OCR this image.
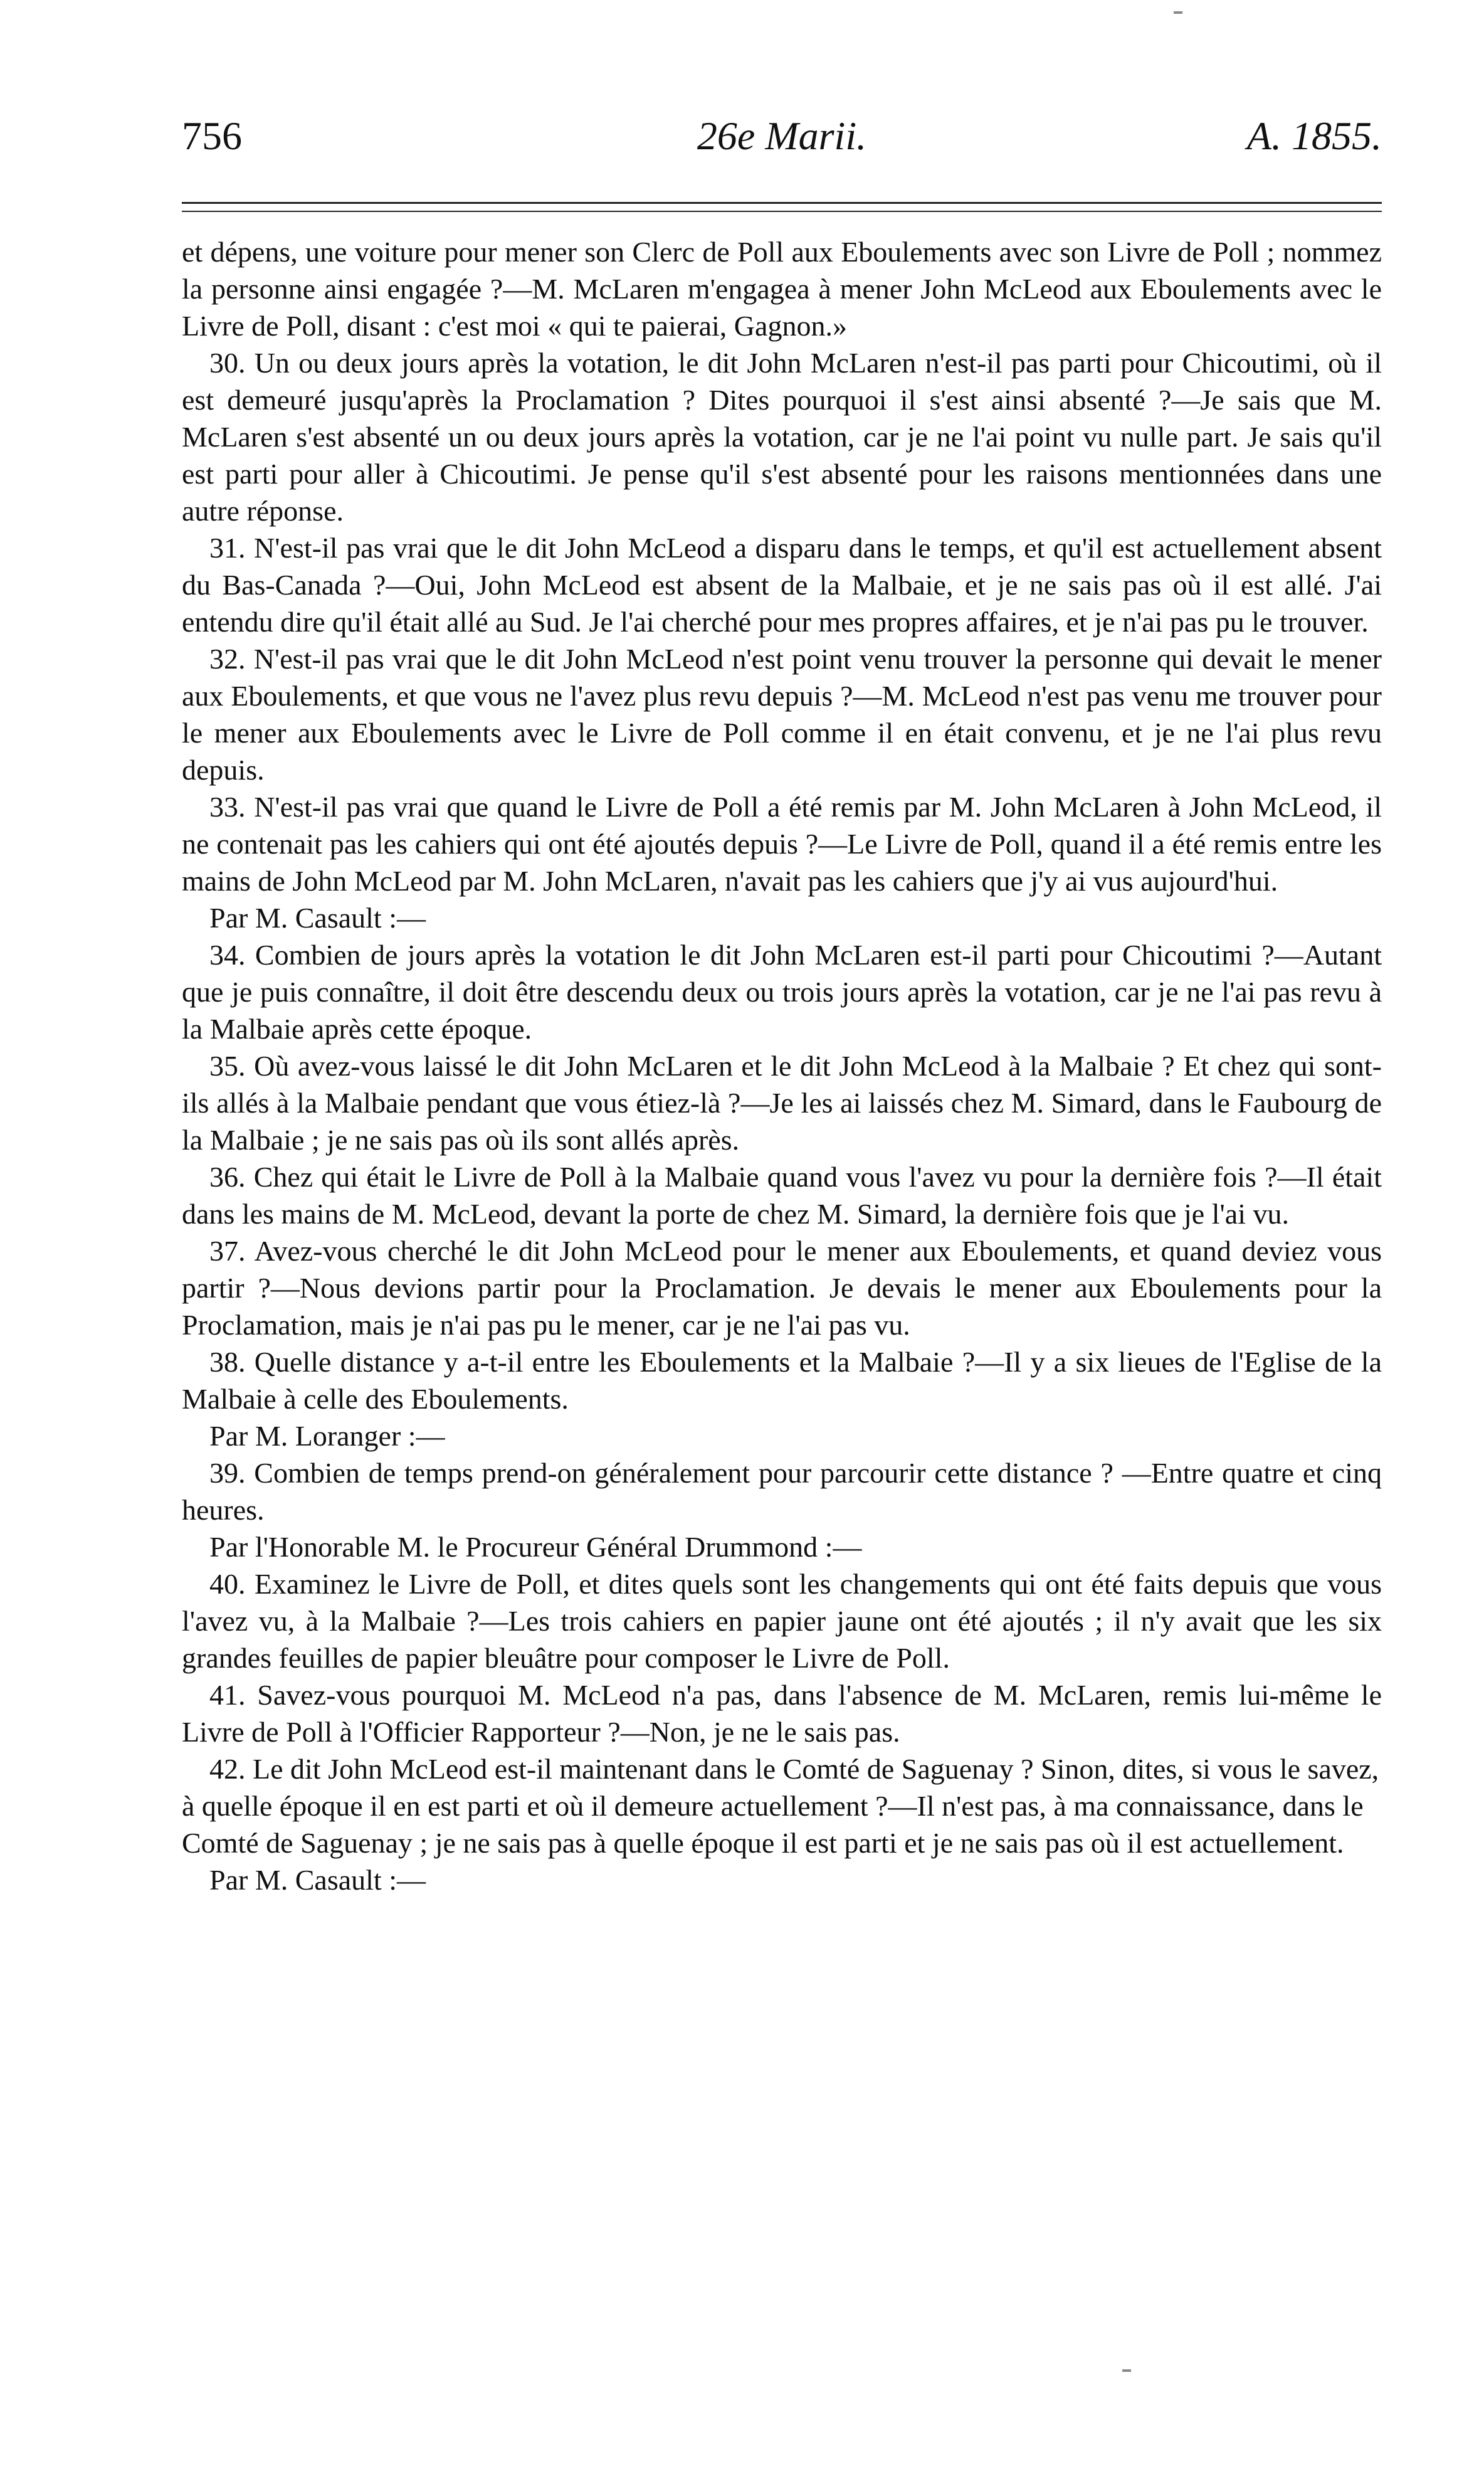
756	26e Marii.	A. 1855.

et dépens, une voiture pour mener son Clerc de Poll aux Eboulements avec son Livre de Poll ; nommez la personne ainsi engagée ?—M. McLaren m'engagea à mener John McLeod aux Eboulements avec le Livre de Poll, disant : c'est moi « qui te paierai, Gagnon.»

30. Un ou deux jours après la votation, le dit John McLaren n'est-il pas parti pour Chicoutimi, où il est demeuré jusqu'après la Proclamation ? Dites pourquoi il s'est ainsi absenté ?—Je sais que M. McLaren s'est absenté un ou deux jours après la votation, car je ne l'ai point vu nulle part. Je sais qu'il est parti pour aller à Chicoutimi. Je pense qu'il s'est absenté pour les raisons mentionnées dans une autre réponse.

31. N'est-il pas vrai que le dit John McLeod a disparu dans le temps, et qu'il est actuellement absent du Bas-Canada ?—Oui, John McLeod est absent de la Malbaie, et je ne sais pas où il est allé. J'ai entendu dire qu'il était allé au Sud. Je l'ai cherché pour mes propres affaires, et je n'ai pas pu le trouver.

32. N'est-il pas vrai que le dit John McLeod n'est point venu trouver la personne qui devait le mener aux Eboulements, et que vous ne l'avez plus revu depuis ?—M. McLeod n'est pas venu me trouver pour le mener aux Eboulements avec le Livre de Poll comme il en était convenu, et je ne l'ai plus revu depuis.

33. N'est-il pas vrai que quand le Livre de Poll a été remis par M. John McLaren à John McLeod, il ne contenait pas les cahiers qui ont été ajoutés depuis ?—Le Livre de Poll, quand il a été remis entre les mains de John McLeod par M. John McLaren, n'avait pas les cahiers que j'y ai vus aujourd'hui.

Par M. Casault :—

34. Combien de jours après la votation le dit John McLaren est-il parti pour Chicoutimi ?—Autant que je puis connaître, il doit être descendu deux ou trois jours après la votation, car je ne l'ai pas revu à la Malbaie après cette époque.

35. Où avez-vous laissé le dit John McLaren et le dit John McLeod à la Malbaie ? Et chez qui sont-ils allés à la Malbaie pendant que vous étiez-là ?—Je les ai laissés chez M. Simard, dans le Faubourg de la Malbaie ; je ne sais pas où ils sont allés après.

36. Chez qui était le Livre de Poll à la Malbaie quand vous l'avez vu pour la dernière fois ?—Il était dans les mains de M. McLeod, devant la porte de chez M. Simard, la dernière fois que je l'ai vu.

37. Avez-vous cherché le dit John McLeod pour le mener aux Eboulements, et quand deviez vous partir ?—Nous devions partir pour la Proclamation. Je devais le mener aux Eboulements pour la Proclamation, mais je n'ai pas pu le mener, car je ne l'ai pas vu.

38. Quelle distance y a-t-il entre les Eboulements et la Malbaie ?—Il y a six lieues de l'Eglise de la Malbaie à celle des Eboulements.

Par M. Loranger :—

39. Combien de temps prend-on généralement pour parcourir cette distance ? —Entre quatre et cinq heures.

Par l'Honorable M. le Procureur Général Drummond :—

40. Examinez le Livre de Poll, et dites quels sont les changements qui ont été faits depuis que vous l'avez vu, à la Malbaie ?—Les trois cahiers en papier jaune ont été ajoutés ; il n'y avait que les six grandes feuilles de papier bleuâtre pour composer le Livre de Poll.

41. Savez-vous pourquoi M. McLeod n'a pas, dans l'absence de M. McLaren, remis lui-même le Livre de Poll à l'Officier Rapporteur ?—Non, je ne le sais pas.

42. Le dit John McLeod est-il maintenant dans le Comté de Saguenay ? Sinon, dites, si vous le savez, à quelle époque il en est parti et où il demeure actuellement ?—Il n'est pas, à ma connaissance, dans le Comté de Saguenay ; je ne sais pas à quelle époque il est parti et je ne sais pas où il est actuellement.

Par M. Casault :—
